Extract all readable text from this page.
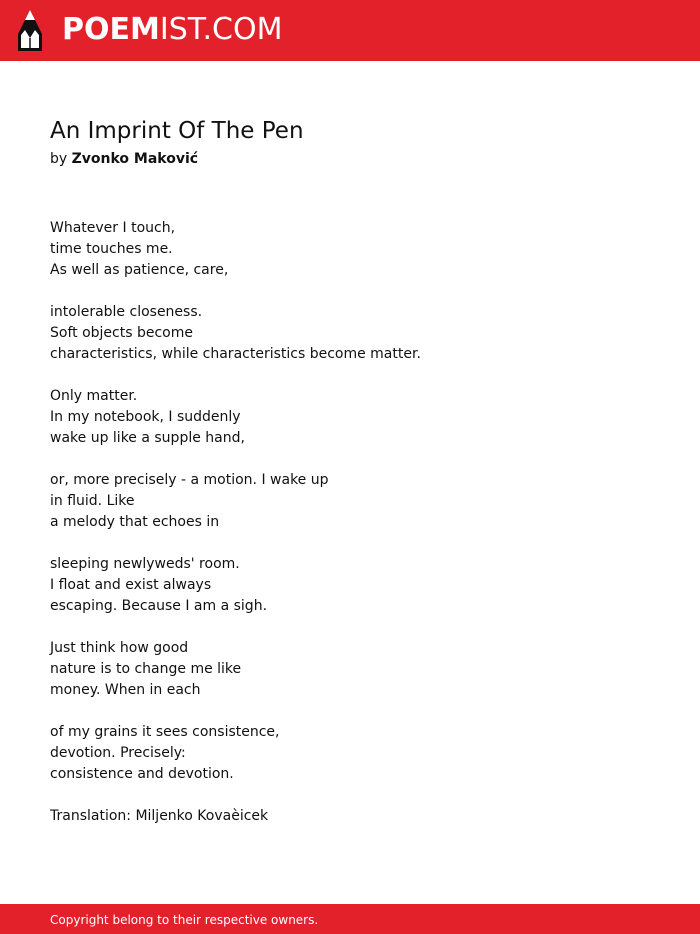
POEMIST.COM
An Imprint Of The Pen
by Zvonko Maković
Whatever I touch,
time touches me.
As well as patience, care,
intolerable closeness.
Soft objects become
characteristics, while characteristics become matter.
Only matter.
In my notebook, I suddenly
wake up like a supple hand,
or, more precisely - a motion. I wake up
in fluid. Like
a melody that echoes in
sleeping newlyweds' room.
I float and exist always
escaping. Because I am a sigh.
Just think how good
nature is to change me like
money. When in each
of my grains it sees consistence,
devotion. Precisely:
consistence and devotion.
Translation: Miljenko Kovaèicek
Copyright belong to their respective owners.
